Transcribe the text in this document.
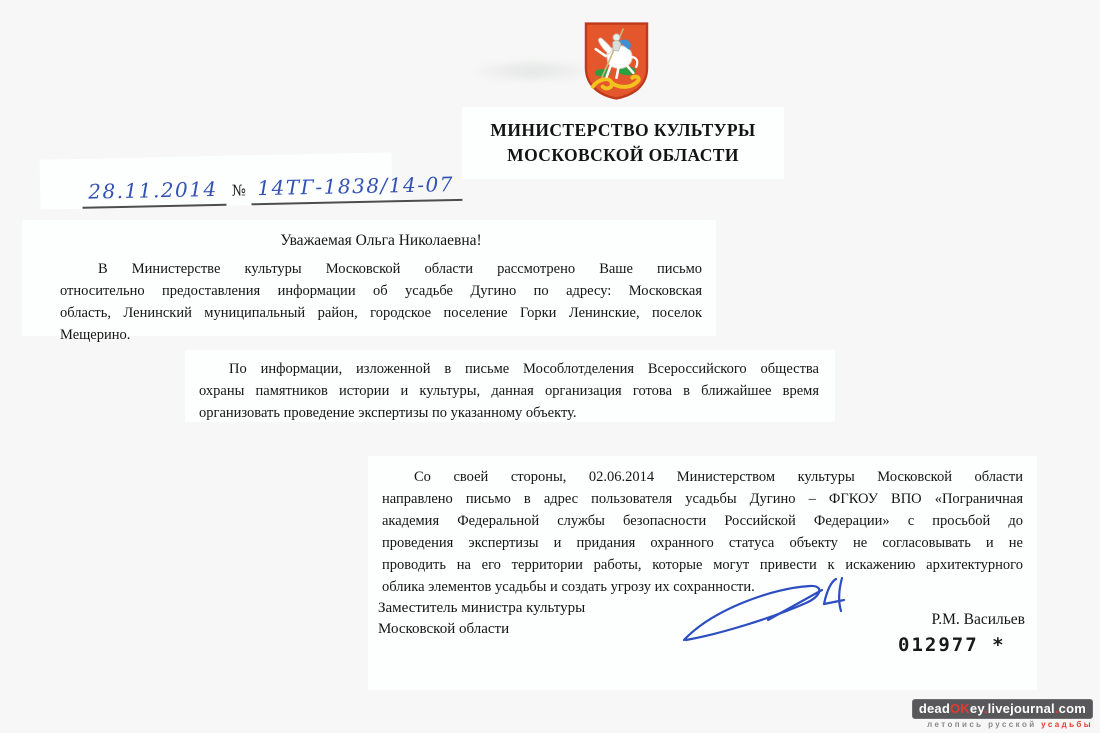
МИНИСТЕРСТВО КУЛЬТУРЫ
МОСКОВСКОЙ ОБЛАСТИ
28.11.2014 № 14ТГ-1838/14-07
Уважаемая Ольга Николаевна!
В Министерстве культуры Московской области рассмотрено Ваше письмо
относительно предоставления информации об усадьбе Дугино по адресу: Московская
область, Ленинский муниципальный район, городское поселение Горки Ленинские, поселок
Мещерино.
По информации, изложенной в письме Мособлотделения Всероссийского общества
охраны памятников истории и культуры, данная организация готова в ближайшее время
организовать проведение экспертизы по указанному объекту.
Со своей стороны, 02.06.2014 Министерством культуры Московской области
направлено письмо в адрес пользователя усадьбы Дугино – ФГКОУ ВПО «Пограничная
академия Федеральной службы безопасности Российской Федерации» с просьбой до
проведения экспертизы и придания охранного статуса объекту не согласовывать и не
проводить на его территории работы, которые могут привести к искажению архитектурного
облика элементов усадьбы и создать угрозу их сохранности.
Заместитель министра культуры
Московской области
Р.М. Васильев
012977 *
deadOKey.livejournal.com
летопись русской усадьбы
